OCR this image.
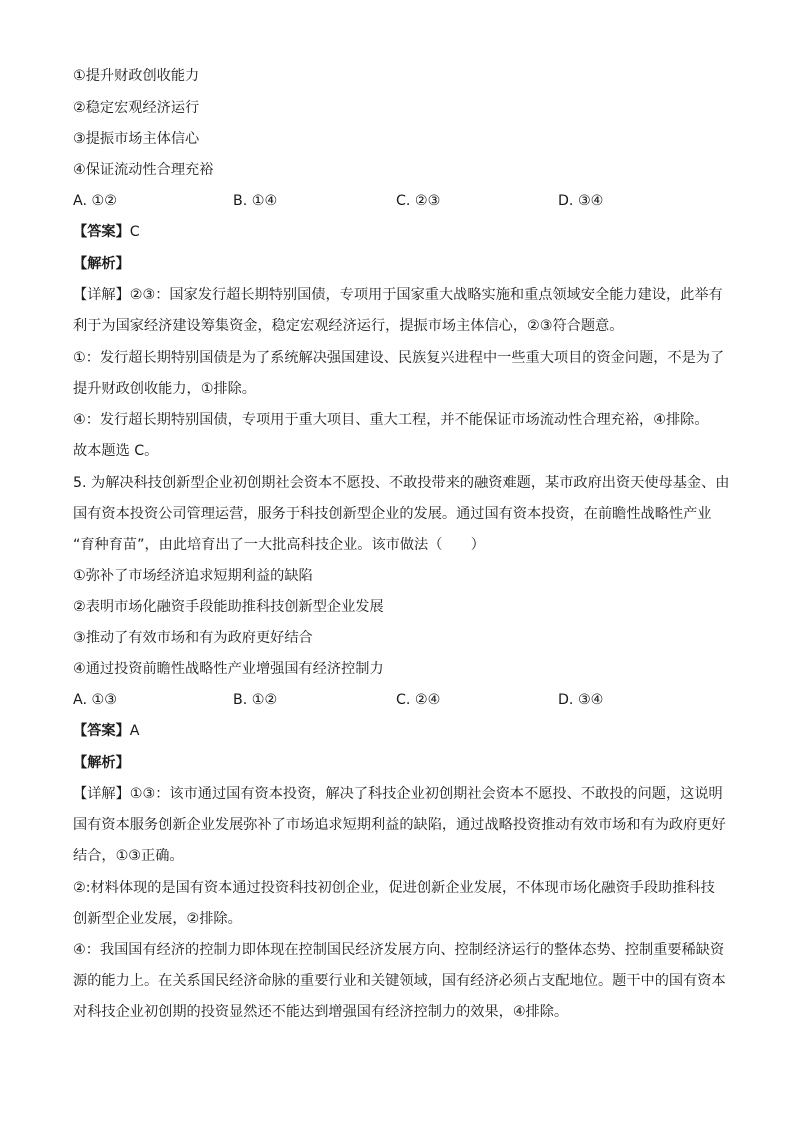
①提升财政创收能力
②稳定宏观经济运行
③提振市场主体信心
④保证流动性合理充裕
A. ①②	B. ①④	C. ②③	D. ③④
【答案】C
【解析】
【详解】②③：国家发行超长期特别国债，专项用于国家重大战略实施和重点领域安全能力建设，此举有
利于为国家经济建设筹集资金，稳定宏观经济运行，提振市场主体信心，②③符合题意。
①：发行超长期特别国债是为了系统解决强国建设、民族复兴进程中一些重大项目的资金问题，不是为了
提升财政创收能力，①排除。
④：发行超长期特别国债，专项用于重大项目、重大工程，并不能保证市场流动性合理充裕，④排除。
故本题选 C。
5. 为解决科技创新型企业初创期社会资本不愿投、不敢投带来的融资难题，某市政府出资天使母基金、由
国有资本投资公司管理运营，服务于科技创新型企业的发展。通过国有资本投资，在前瞻性战略性产业
“育种育苗”，由此培育出了一大批高科技企业。该市做法（　　）
①弥补了市场经济追求短期利益的缺陷
②表明市场化融资手段能助推科技创新型企业发展
③推动了有效市场和有为政府更好结合
④通过投资前瞻性战略性产业增强国有经济控制力
A. ①③	B. ①②	C. ②④	D. ③④
【答案】A
【解析】
【详解】①③：该市通过国有资本投资，解决了科技企业初创期社会资本不愿投、不敢投的问题，这说明
国有资本服务创新企业发展弥补了市场追求短期利益的缺陷，通过战略投资推动有效市场和有为政府更好
结合，①③正确。
②:材料体现的是国有资本通过投资科技初创企业，促进创新企业发展，不体现市场化融资手段助推科技
创新型企业发展，②排除。
④：我国国有经济的控制力即体现在控制国民经济发展方向、控制经济运行的整体态势、控制重要稀缺资
源的能力上。在关系国民经济命脉的重要行业和关键领域，国有经济必须占支配地位。题干中的国有资本
对科技企业初创期的投资显然还不能达到增强国有经济控制力的效果，④排除。
